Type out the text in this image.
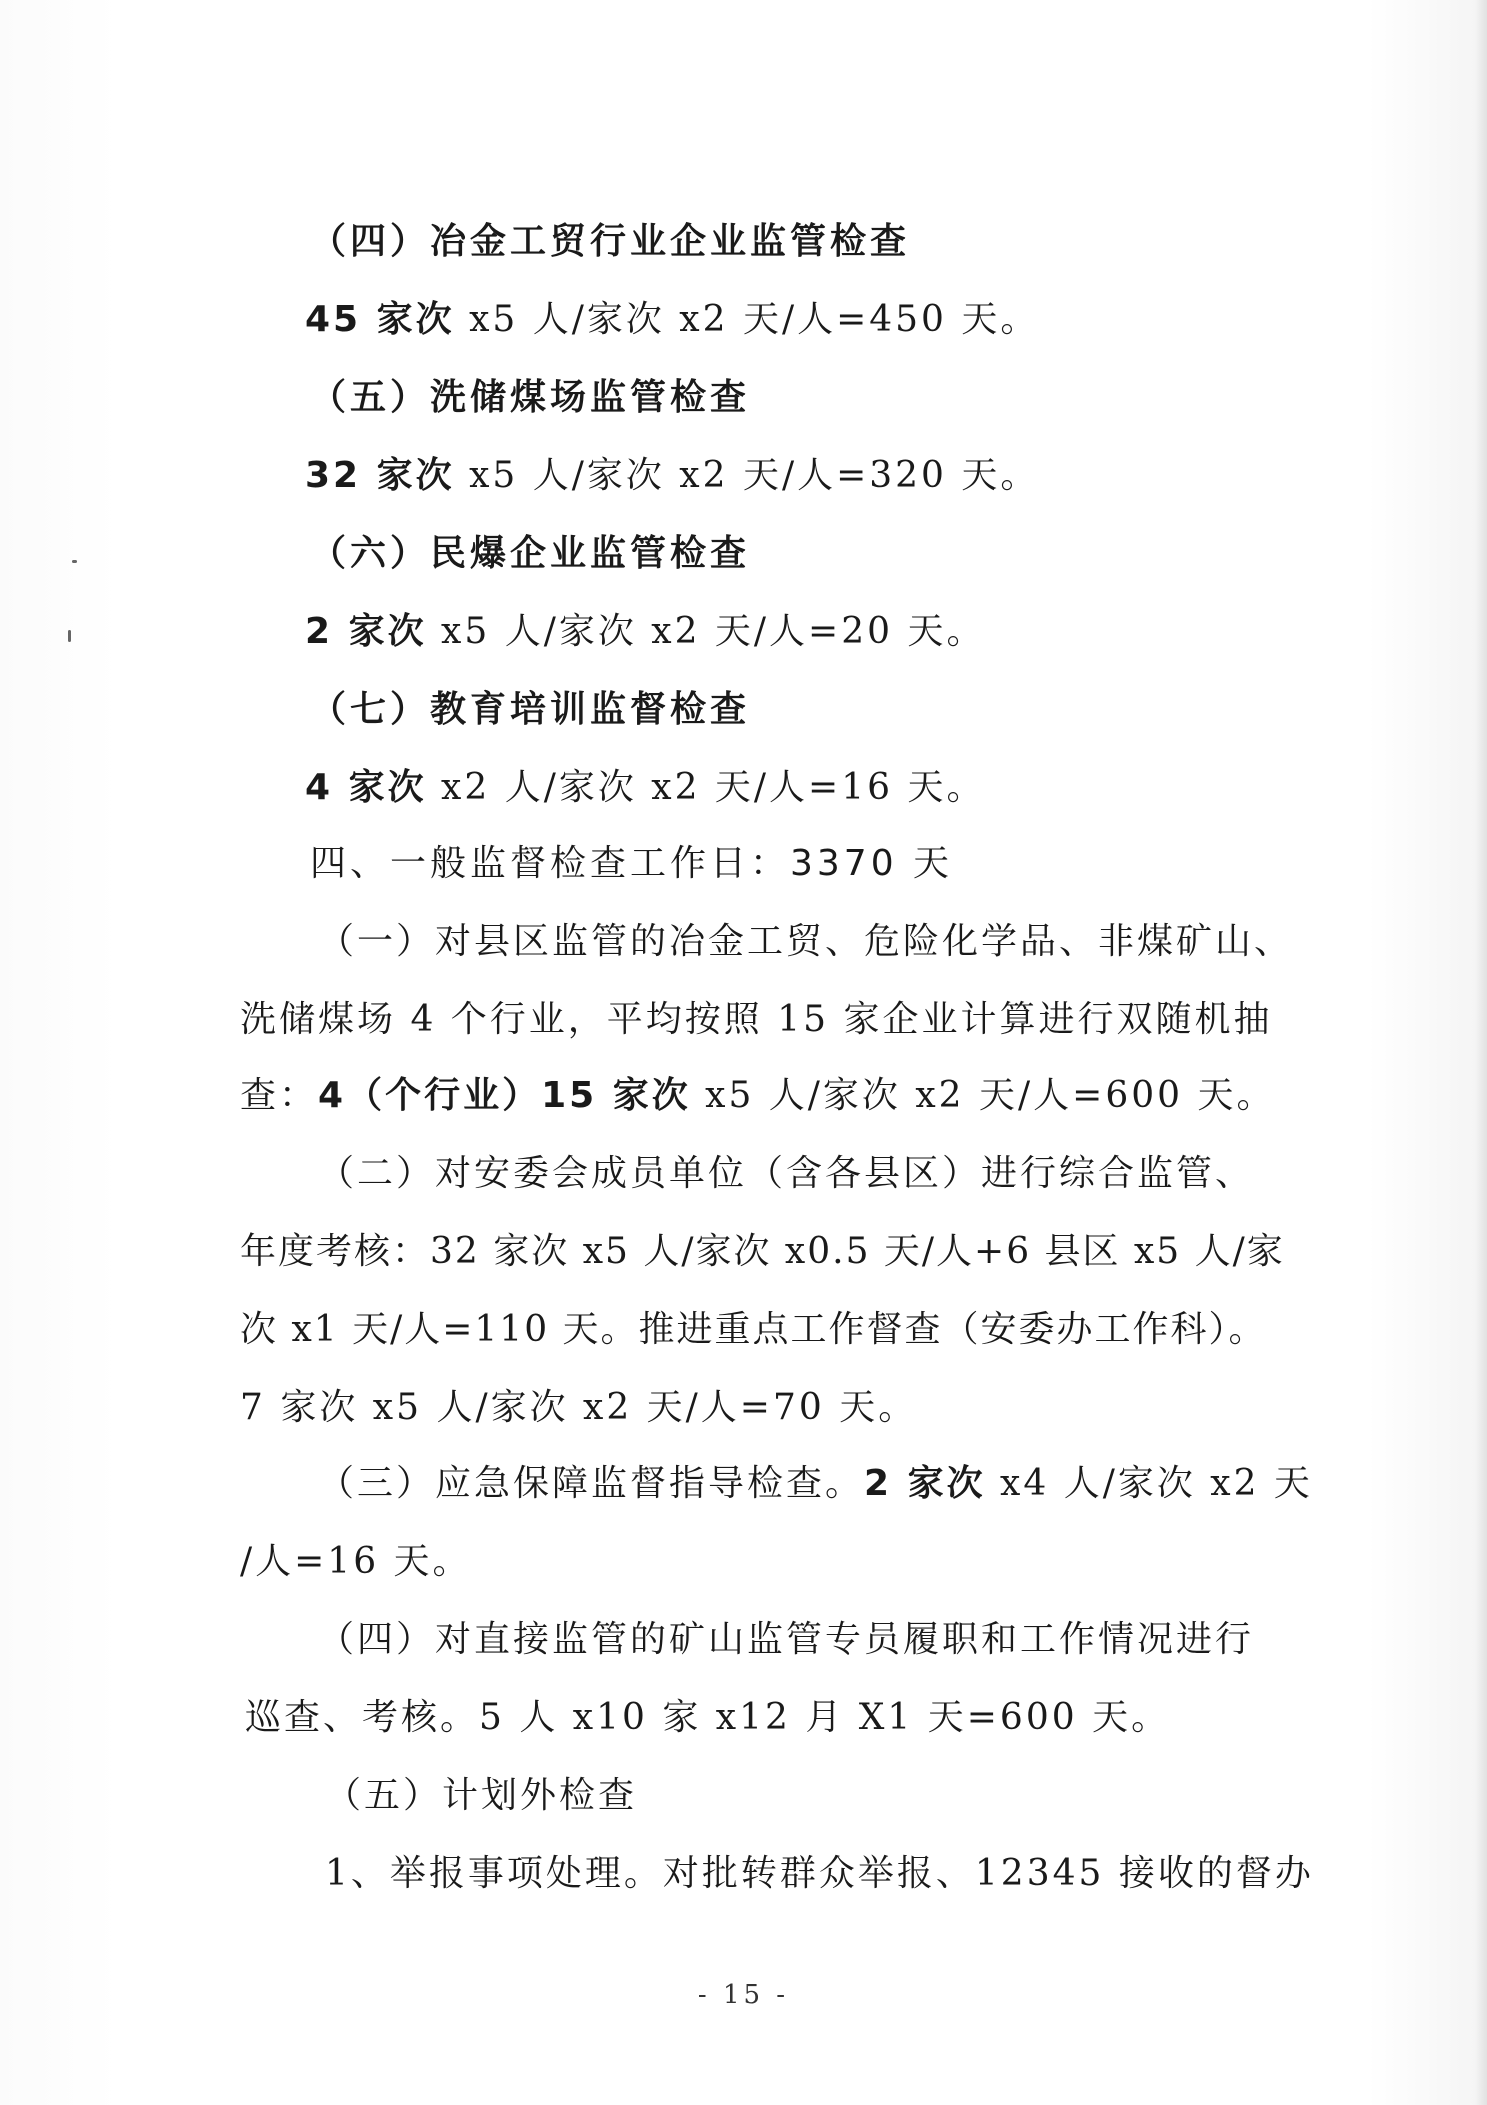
（四）冶金工贸行业企业监管检查
45 家次 x5 人/家次 x2 天/人=450 天。
（五）洗储煤场监管检查
32 家次 x5 人/家次 x2 天/人=320 天。
（六）民爆企业监管检查
2 家次 x5 人/家次 x2 天/人=20 天。
（七）教育培训监督检查
4 家次 x2 人/家次 x2 天/人=16 天。
四、一般监督检查工作日：3370 天
（一）对县区监管的冶金工贸、危险化学品、非煤矿山、
洗储煤场 4 个行业，平均按照 15 家企业计算进行双随机抽
查：4（个行业）15 家次 x5 人/家次 x2 天/人=600 天。
（二）对安委会成员单位（含各县区）进行综合监管、
年度考核：32 家次 x5 人/家次 x0.5 天/人+6 县区 x5 人/家
次 x1 天/人=110 天。推进重点工作督查（安委办工作科）。
7 家次 x5 人/家次 x2 天/人=70 天。
（三）应急保障监督指导检查。2 家次 x4 人/家次 x2 天
/人=16 天。
（四）对直接监管的矿山监管专员履职和工作情况进行
巡查、考核。5 人 x10 家 x12 月 X1 天=600 天。
（五）计划外检查
1、举报事项处理。对批转群众举报、12345 接收的督办
- 15 -
